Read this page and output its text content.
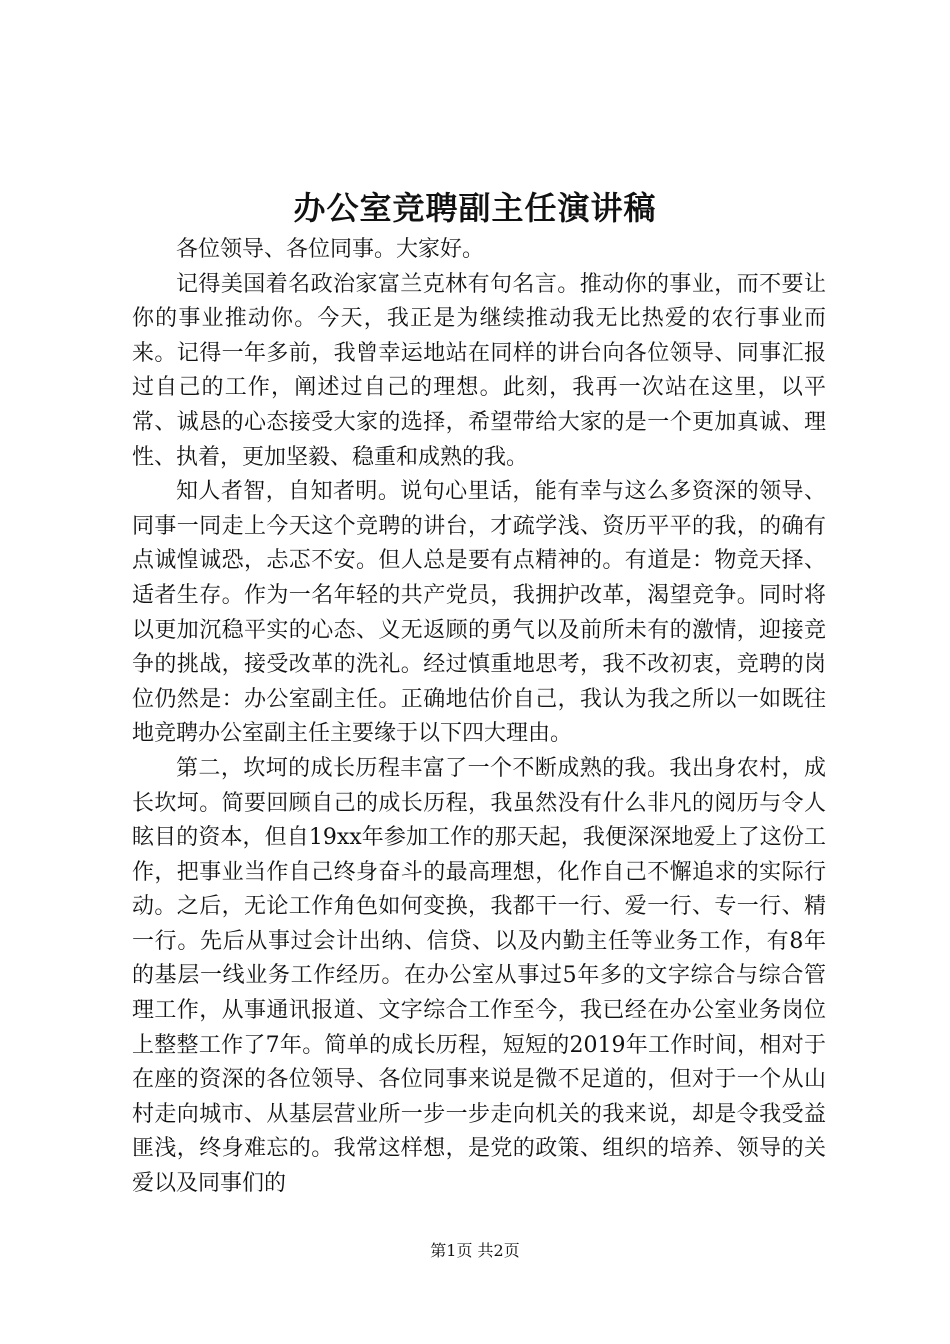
办公室竞聘副主任演讲稿

各位领导、各位同事。大家好。

记得美国着名政治家富兰克林有句名言。推动你的事业，而不要让你的事业推动你。今天，我正是为继续推动我无比热爱的农行事业而来。记得一年多前，我曾幸运地站在同样的讲台向各位领导、同事汇报过自己的工作，阐述过自己的理想。此刻，我再一次站在这里，以平常、诚恳的心态接受大家的选择，希望带给大家的是一个更加真诚、理性、执着，更加坚毅、稳重和成熟的我。

知人者智，自知者明。说句心里话，能有幸与这么多资深的领导、同事一同走上今天这个竞聘的讲台，才疏学浅、资历平平的我，的确有点诚惶诚恐，忐忑不安。但人总是要有点精神的。有道是：物竞天择、适者生存。作为一名年轻的共产党员，我拥护改革，渴望竞争。同时将以更加沉稳平实的心态、义无返顾的勇气以及前所未有的激情，迎接竞争的挑战，接受改革的洗礼。经过慎重地思考，我不改初衷，竞聘的岗位仍然是：办公室副主任。正确地估价自己，我认为我之所以一如既往地竞聘办公室副主任主要缘于以下四大理由。

第二，坎坷的成长历程丰富了一个不断成熟的我。我出身农村，成长坎坷。简要回顾自己的成长历程，我虽然没有什么非凡的阅历与令人眩目的资本，但自19xx年参加工作的那天起，我便深深地爱上了这份工作，把事业当作自己终身奋斗的最高理想，化作自己不懈追求的实际行动。之后，无论工作角色如何变换，我都干一行、爱一行、专一行、精一行。先后从事过会计出纳、信贷、以及内勤主任等业务工作，有8年的基层一线业务工作经历。在办公室从事过5年多的文字综合与综合管理工作，从事通讯报道、文字综合工作至今，我已经在办公室业务岗位上整整工作了7年。简单的成长历程，短短的2019年工作时间，相对于在座的资深的各位领导、各位同事来说是微不足道的，但对于一个从山村走向城市、从基层营业所一步一步走向机关的我来说，却是令我受益匪浅，终身难忘的。我常这样想，是党的政策、组织的培养、领导的关爱以及同事们的

第1页 共2页
